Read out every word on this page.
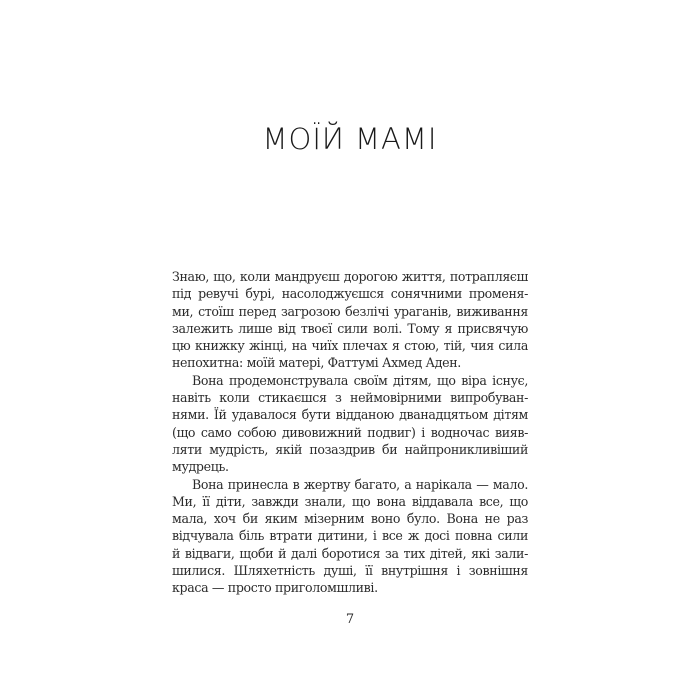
МОЇЙ МАМІ
Знаю, що, коли мандруєш дорогою життя, потрапляєш
під ревучі бурі, насолоджуєшся сонячними променя-
ми, стоїш перед загрозою безлічі ураганів, виживання
залежить лише від твоєї сили волі. Тому я присвячую
цю книжку жінці, на чиїх плечах я стою, тій, чия сила
непохитна: моїй матері, Фаттумі Ахмед Аден.
Вона продемонструвала своїм дітям, що віра існує,
навіть коли стикаєшся з неймовірними випробуван-
нями. Їй удавалося бути відданою дванадцятьом дітям
(що само собою дивовижний подвиг) і водночас вияв-
ляти мудрість, якій позаздрив би найпроникливіший
мудрець.
Вона принесла в жертву багато, а нарікала — мало.
Ми, її діти, завжди знали, що вона віддавала все, що
мала, хоч би яким мізерним воно було. Вона не раз
відчувала біль втрати дитини, і все ж досі повна сили
й відваги, щоби й далі боротися за тих дітей, які зали-
шилися. Шляхетність душі, її внутрішня і зовнішня
краса — просто приголомшливі.
7
